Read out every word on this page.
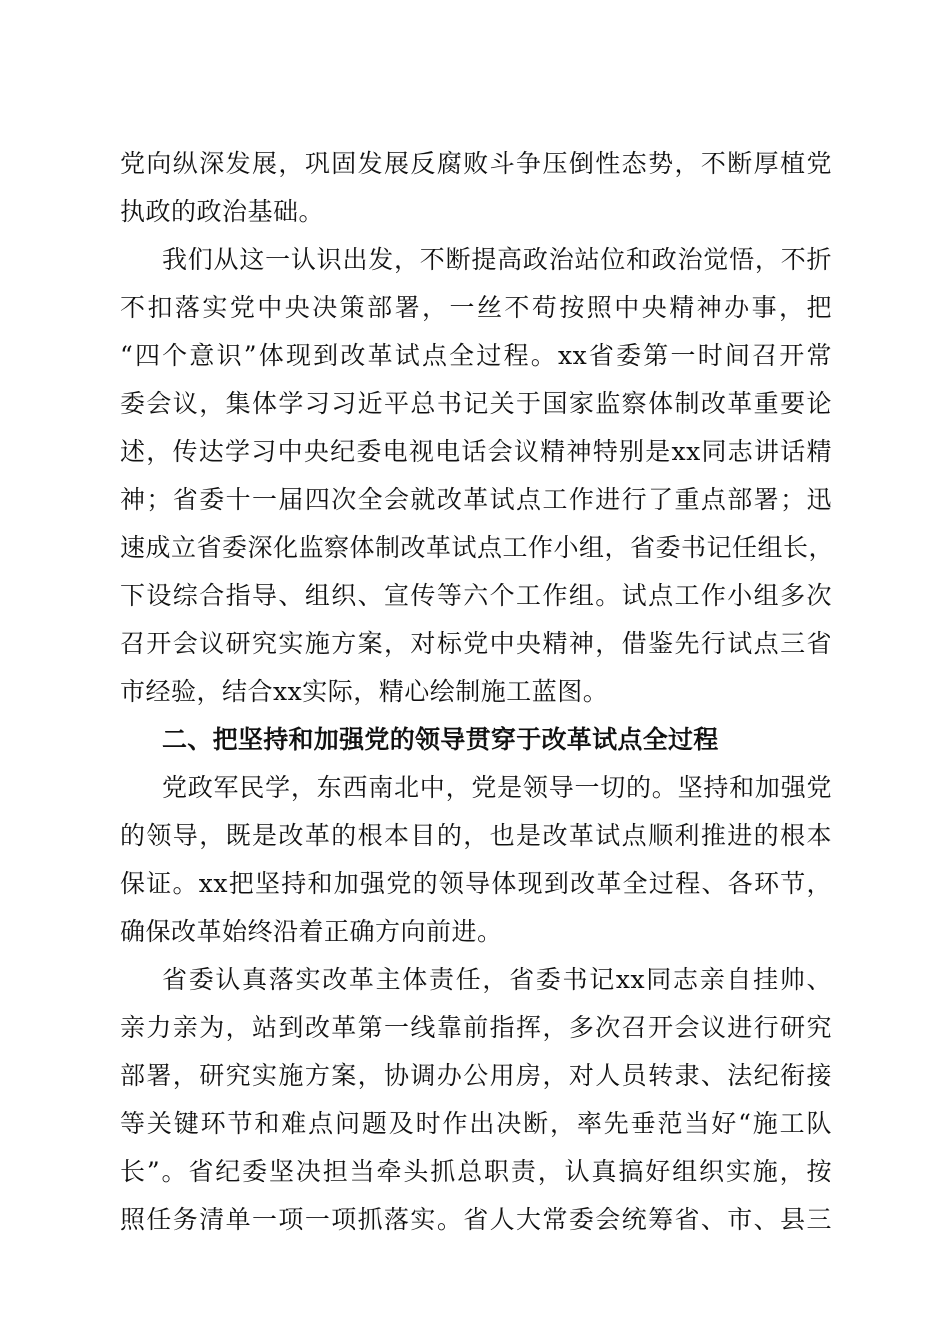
党向纵深发展，巩固发展反腐败斗争压倒性态势，不断厚植党
执政的政治基础。
我们从这一认识出发，不断提高政治站位和政治觉悟，不折
不扣落实党中央决策部署，一丝不苟按照中央精神办事，把
“四个意识”体现到改革试点全过程。xx省委第一时间召开常
委会议，集体学习习近平总书记关于国家监察体制改革重要论
述，传达学习中央纪委电视电话会议精神特别是xx同志讲话精
神；省委十一届四次全会就改革试点工作进行了重点部署；迅
速成立省委深化监察体制改革试点工作小组，省委书记任组长，
下设综合指导、组织、宣传等六个工作组。试点工作小组多次
召开会议研究实施方案，对标党中央精神，借鉴先行试点三省
市经验，结合xx实际，精心绘制施工蓝图。
二、把坚持和加强党的领导贯穿于改革试点全过程
党政军民学，东西南北中，党是领导一切的。坚持和加强党
的领导，既是改革的根本目的，也是改革试点顺利推进的根本
保证。xx把坚持和加强党的领导体现到改革全过程、各环节，
确保改革始终沿着正确方向前进。
省委认真落实改革主体责任，省委书记xx同志亲自挂帅、
亲力亲为，站到改革第一线靠前指挥，多次召开会议进行研究
部署，研究实施方案，协调办公用房，对人员转隶、法纪衔接
等关键环节和难点问题及时作出决断，率先垂范当好“施工队
长”。省纪委坚决担当牵头抓总职责，认真搞好组织实施，按
照任务清单一项一项抓落实。省人大常委会统筹省、市、县三
